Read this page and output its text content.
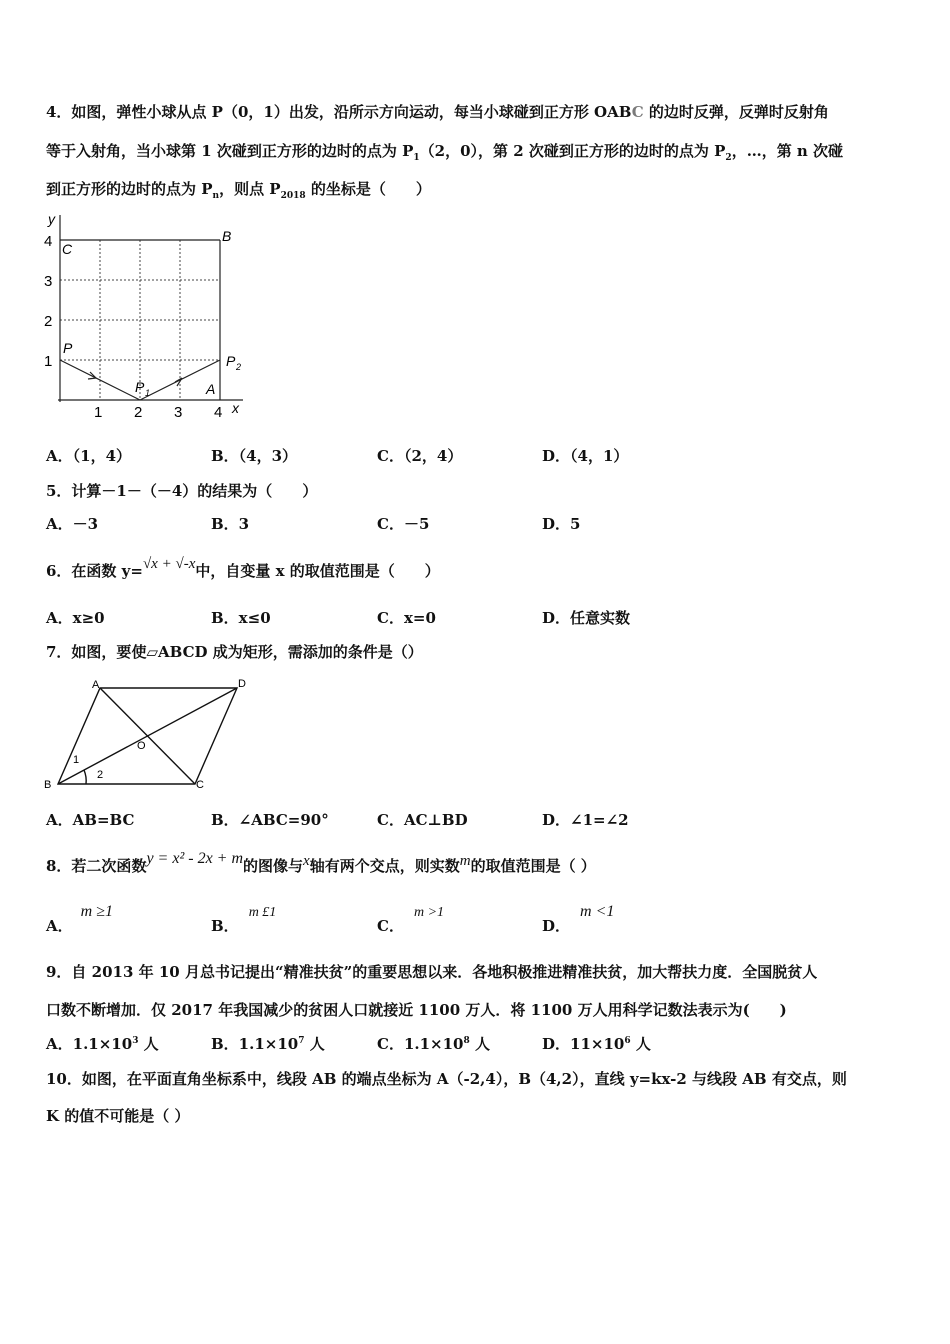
4．如图，弹性小球从点 P（0，1）出发，沿所示方向运动，每当小球碰到正方形 OABC 的边时反弹，反弹时反射角
等于入射角，当小球第 1 次碰到正方形的边时的点为 $P_1(2$，0），第 2 次碰到正方形的边时的点为 $P_2$，…，第 n 次碰
到正方形的边时的点为 $P_n$，则点 $P_{2018}$ 的坐标是（　　）
y
x
4
3
2
1
1 2 3 4
C
B
P
P 1
P 2
A
A．（1，4）	B．（4，3）	C．（2，4）	D．（4，1）
5．计算－1－（－4）的结果为（　　）
A．－3	B．3	C．－5	D．5
6．在函数 y=√x + √-x中，自变量 x 的取值范围是（　　）
A．x≥0	B．x≤0	C．x=0	D．任意实数
7．如图，要使▱ABCD 成为矩形，需添加的条件是（）
A
B	C
D
O
1
2
A．AB=BC	B．∠ABC=90°	C．AC⊥BD	D．∠1=∠2
8．若二次函数y = x² - 2x + m的图像与x轴有两个交点，则实数m的取值范围是（ ）
A．m ≥1
B．m £1
C．m >1
D．m <1
9．自 2013 年 10 月总书记提出“精准扶贫”的重要思想以来．各地积极推进精准扶贫，加大帮扶力度．全国脱贫人
口数不断增加．仅 2017 年我国减少的贫困人口就接近 1100 万人．将 1100 万人用科学记数法表示为(　　)
A．$1.1\times 10^3$ 人	B．$1.1\times 10^7$ 人	C．$1.1\times 10^8$ 人	D．$11\times 10^6$ 人
10．如图，在平面直角坐标系中，线段 AB 的端点坐标为 A（-2,4），B（4,2），直线 y=kx-2 与线段 AB 有交点，则
K 的值不可能是（ ）
